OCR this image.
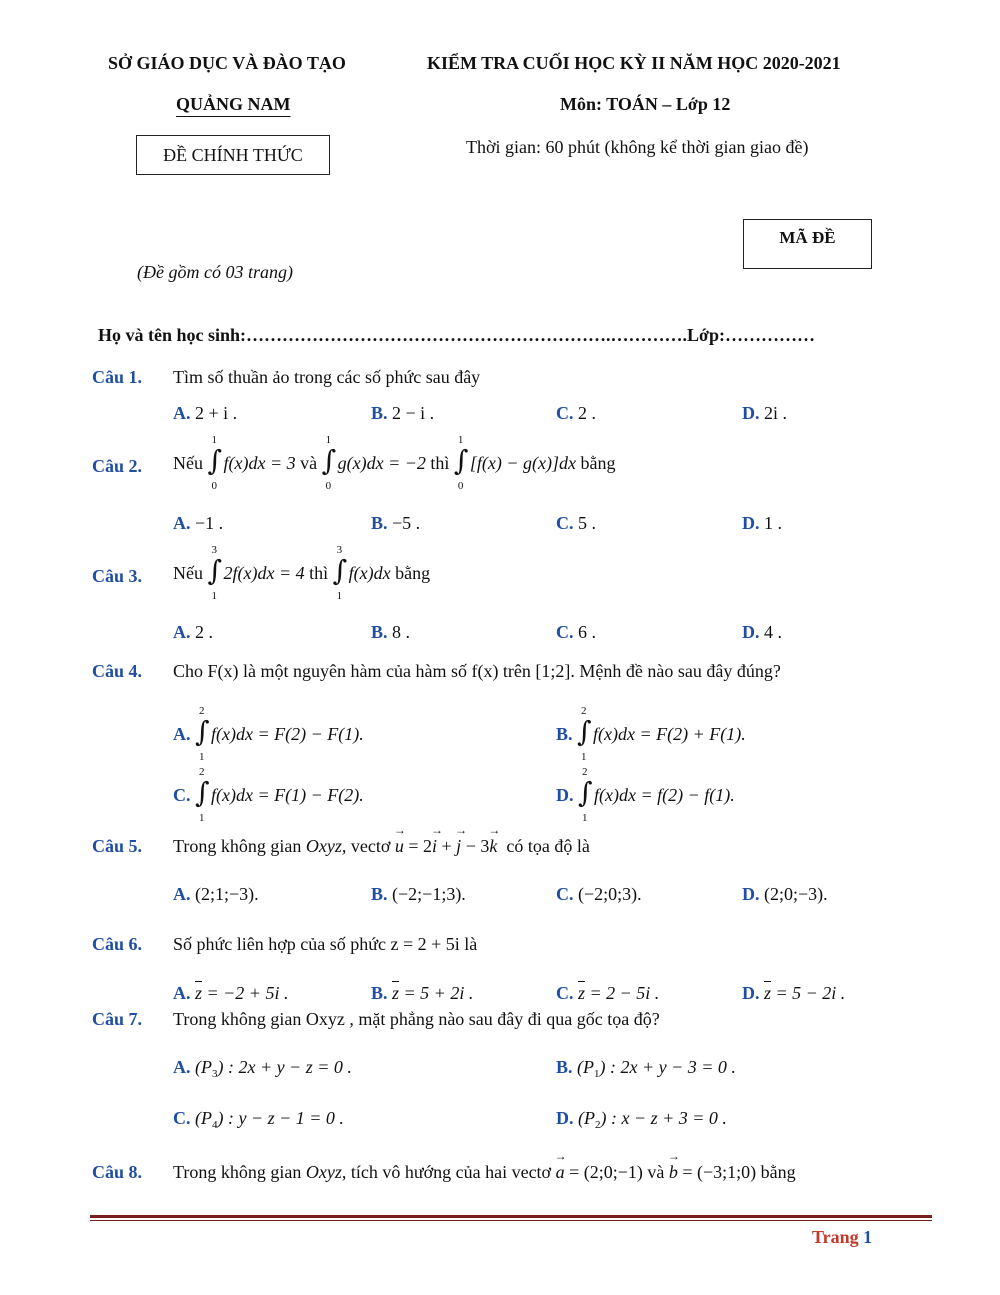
SỞ GIÁO DỤC VÀ ĐÀO TẠO
QUẢNG NAM
ĐỀ CHÍNH THỨC
KIỂM TRA CUỐI HỌC KỲ II NĂM HỌC 2020-2021
Môn: TOÁN – Lớp 12
Thời gian: 60 phút (không kể thời gian giao đề)
MÃ ĐỀ
(Đề gồm có 03 trang)
Họ và tên học sinh:…………………………………………………….………….Lớp:……………
Câu 1. Tìm số thuần ảo trong các số phức sau đây
A. 2 + i .	B. 2 − i .	C. 2 .	D. 2i .
Câu 2. Nếu ∫
1
0
f(x)dx = 3 và ∫
1
0
g(x)dx = −2 thì ∫
1
0
[f(x) − g(x)]dx bằng
A. −1 .	B. −5 .	C. 5 .	D. 1 .
Câu 3. Nếu ∫
3
1
2f(x)dx = 4 thì ∫
3
1
f(x)dx bằng
A. 2 .	B. 8 .	C. 6 .	D. 4 .
Câu 4. Cho F(x) là một nguyên hàm của hàm số f(x) trên [1;2]. Mệnh đề nào sau đây đúng?
A. ∫
2
1
f(x)dx = F(2) − F(1).	B. ∫
2
1
f(x)dx = F(2) + F(1).
C. ∫
2
1
f(x)dx = F(1) − F(2).	D. ∫
2
1
f(x)dx = f(2) − f(1).
Câu 5. Trong không gian Oxyz, vectơ → u = 2→ i + → j − 3→ k có tọa độ là
A. (2;1;−3).	B. (−2;−1;3).	C. (−2;0;3).	D. (2;0;−3).
Câu 6. Số phức liên hợp của số phức z = 2 + 5i là
A. z = −2 + 5i .	B. z = 5 + 2i .	C. z = 2 − 5i .	D. z = 5 − 2i .
Câu 7. Trong không gian Oxyz , mặt phẳng nào sau đây đi qua gốc tọa độ?
A. $(P_3)$ : 2x + y − z = 0 .	B. $(P_1)$ : 2x + y − 3 = 0 .
C. $(P_4)$ : y − z − 1 = 0 .	D. $(P_2)$ : x − z + 3 = 0 .
Câu 8. Trong không gian Oxyz, tích vô hướng của hai vectơ → a = (2;0;−1) và → b = (−3;1;0) bằng
Trang 1
